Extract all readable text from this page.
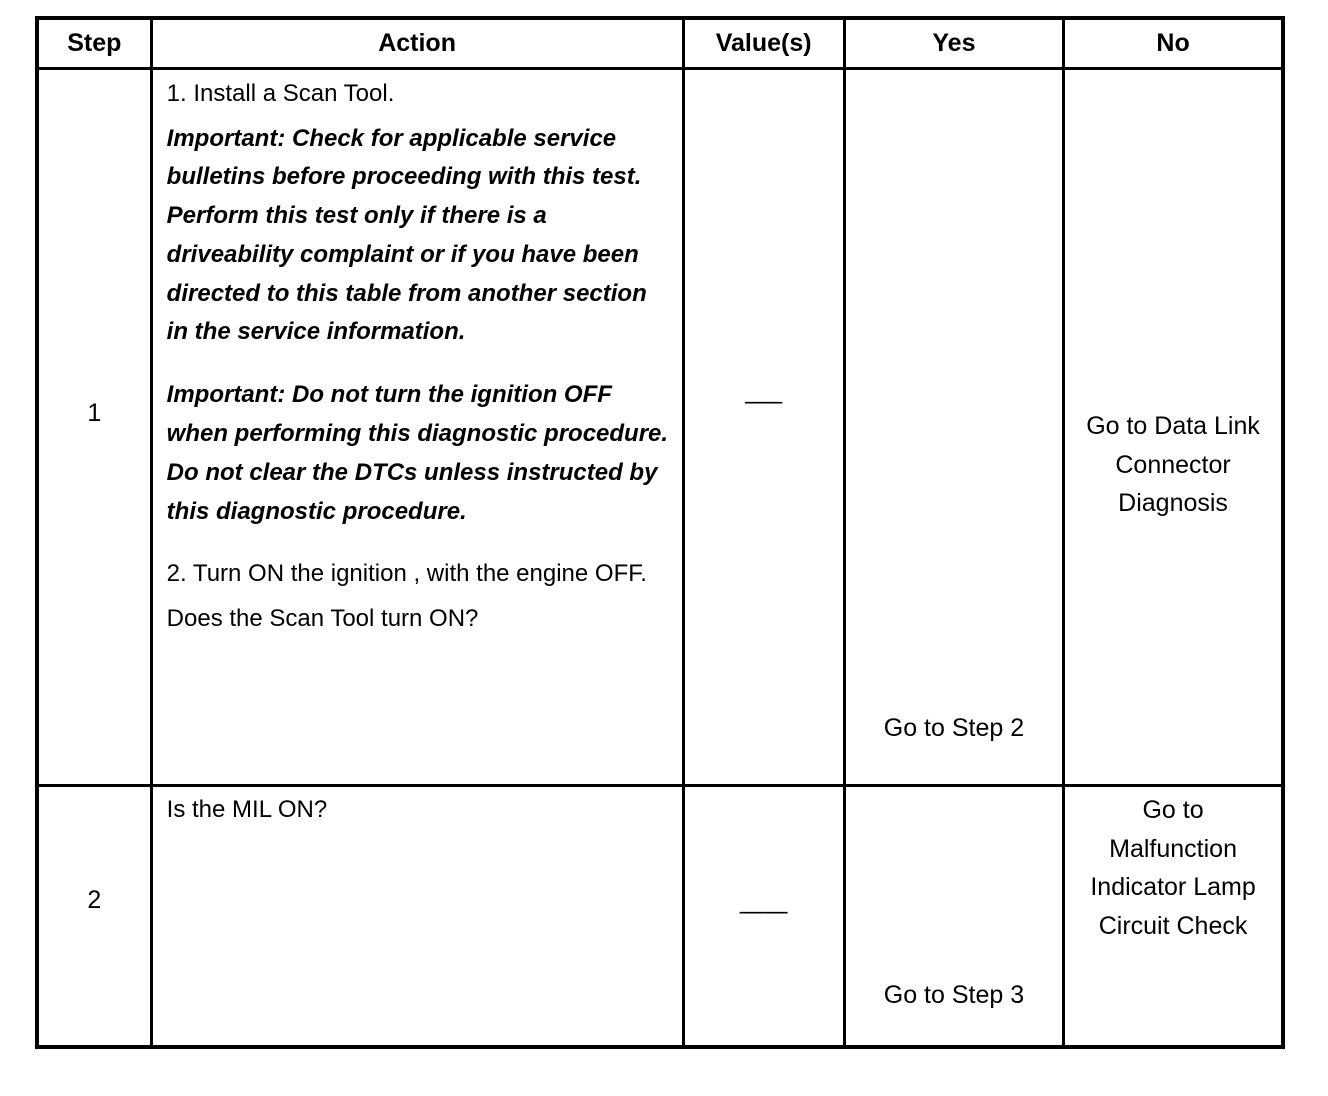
Step	Action	Value(s)	Yes	No

1	1. Install a Scan Tool.

Important: Check for applicable service bulletins before proceeding with this test. Perform this test only if there is a driveability complaint or if you have been directed to this table from another section in the service information.

Important: Do not turn the ignition OFF when performing this diagnostic procedure. Do not clear the DTCs unless instructed by this diagnostic procedure.

2. Turn ON the ignition , with the engine OFF.

Does the Scan Tool turn ON?	—–	Go to Step 2	Go to Data Link Connector Diagnosis

2	Is the MIL ON?	——	Go to Step 3	Go to Malfunction Indicator Lamp Circuit Check
